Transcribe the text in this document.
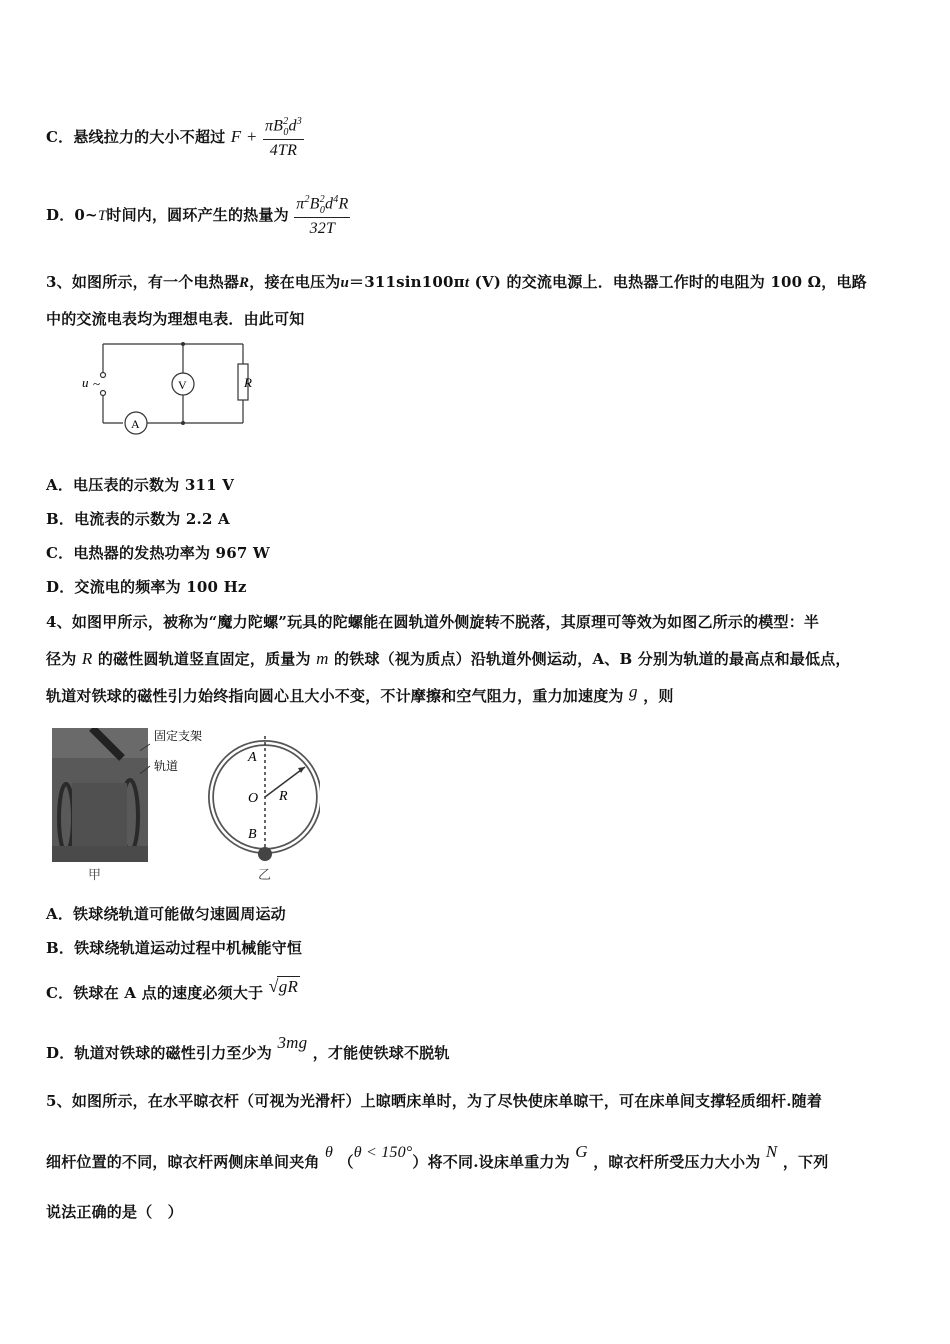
C．悬线拉力的大小不超过 $F + \frac{\pi B^2_0d^3}{4TR}$
D．0~T时间内，圆环产生的热量为 $\frac{\pi^2B^2_0d^4R}{32T}$
3、如图所示，有一个电热器R，接在电压为u＝311sin100πt (V) 的交流电源上．电热器工作时的电阻为 100 Ω，电路
中的交流电表均为理想电表．由此可知
u ~	V
A
R
A．电压表的示数为 311 V
B．电流表的示数为 2.2 A
C．电热器的发热功率为 967 W
D．交流电的频率为 100 Hz
4、如图甲所示，被称为“魔力陀螺”玩具的陀螺能在圆轨道外侧旋转不脱落，其原理可等效为如图乙所示的模型：半
径为 R 的磁性圆轨道竖直固定，质量为 m 的铁球（视为质点）沿轨道外侧运动，A、B 分别为轨道的最高点和最低点，
轨道对铁球的磁性引力始终指向圆心且大小不变，不计摩擦和空气阻力，重力加速度为 g ，则
固定支架
轨道
A
O R
B
乙
甲
A．铁球绕轨道可能做匀速圆周运动
B．铁球绕轨道运动过程中机械能守恒
C．铁球在 A 点的速度必须大于 √gR
D．轨道对铁球的磁性引力至少为 3mg ，才能使铁球不脱轨
5、如图所示，在水平晾衣杆（可视为光滑杆）上晾晒床单时，为了尽快使床单晾干，可在床单间支撑轻质细杆.随着
细杆位置的不同，晾衣杆两侧床单间夹角 θ （θ < 150°）将不同.设床单重力为 G ，晾衣杆所受压力大小为 N ，下列
说法正确的是（　）
